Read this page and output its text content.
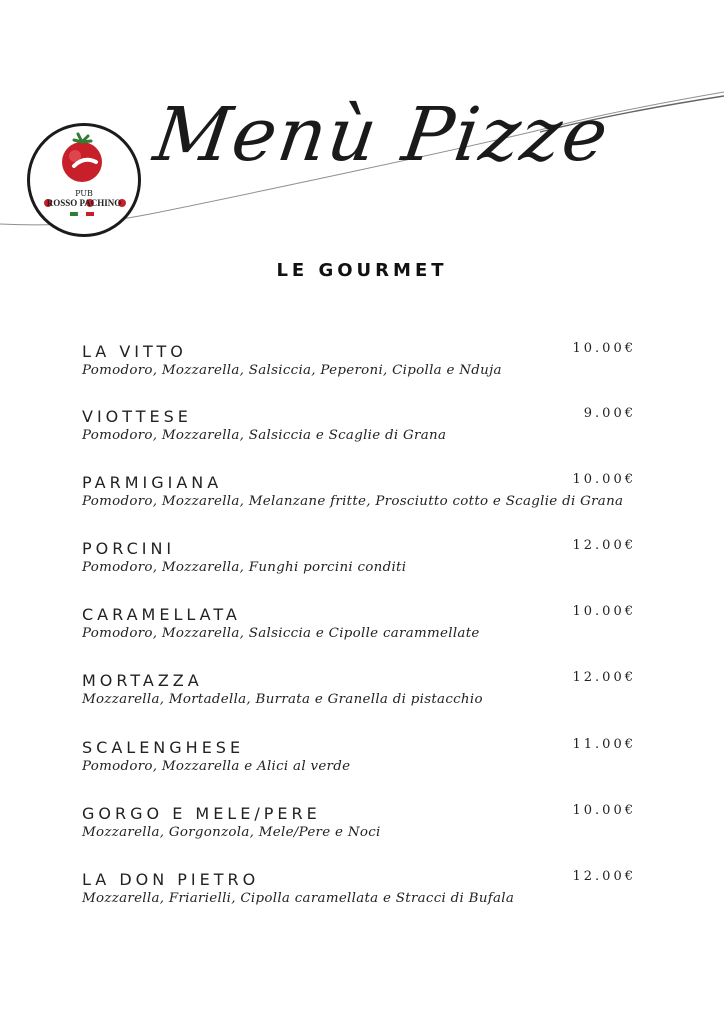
PUB
ROSSO PACHINO
Menù Pizze
LE GOURMET
LA VITTO	10.00€
Pomodoro, Mozzarella, Salsiccia, Peperoni, Cipolla e Nduja
VIOTTESE	9.00€
Pomodoro, Mozzarella, Salsiccia e Scaglie di Grana
PARMIGIANA	10.00€
Pomodoro, Mozzarella, Melanzane fritte, Prosciutto cotto e Scaglie di Grana
PORCINI	12.00€
Pomodoro, Mozzarella, Funghi porcini conditi
CARAMELLATA	10.00€
Pomodoro, Mozzarella, Salsiccia e Cipolle carammellate
MORTAZZA	12.00€
Mozzarella, Mortadella, Burrata e Granella di pistacchio
SCALENGHESE	11.00€
Pomodoro, Mozzarella e Alici al verde
GORGO E MELE/PERE	10.00€
Mozzarella, Gorgonzola, Mele/Pere e Noci
LA DON PIETRO	12.00€
Mozzarella, Friarielli, Cipolla caramellata e Stracci di Bufala
